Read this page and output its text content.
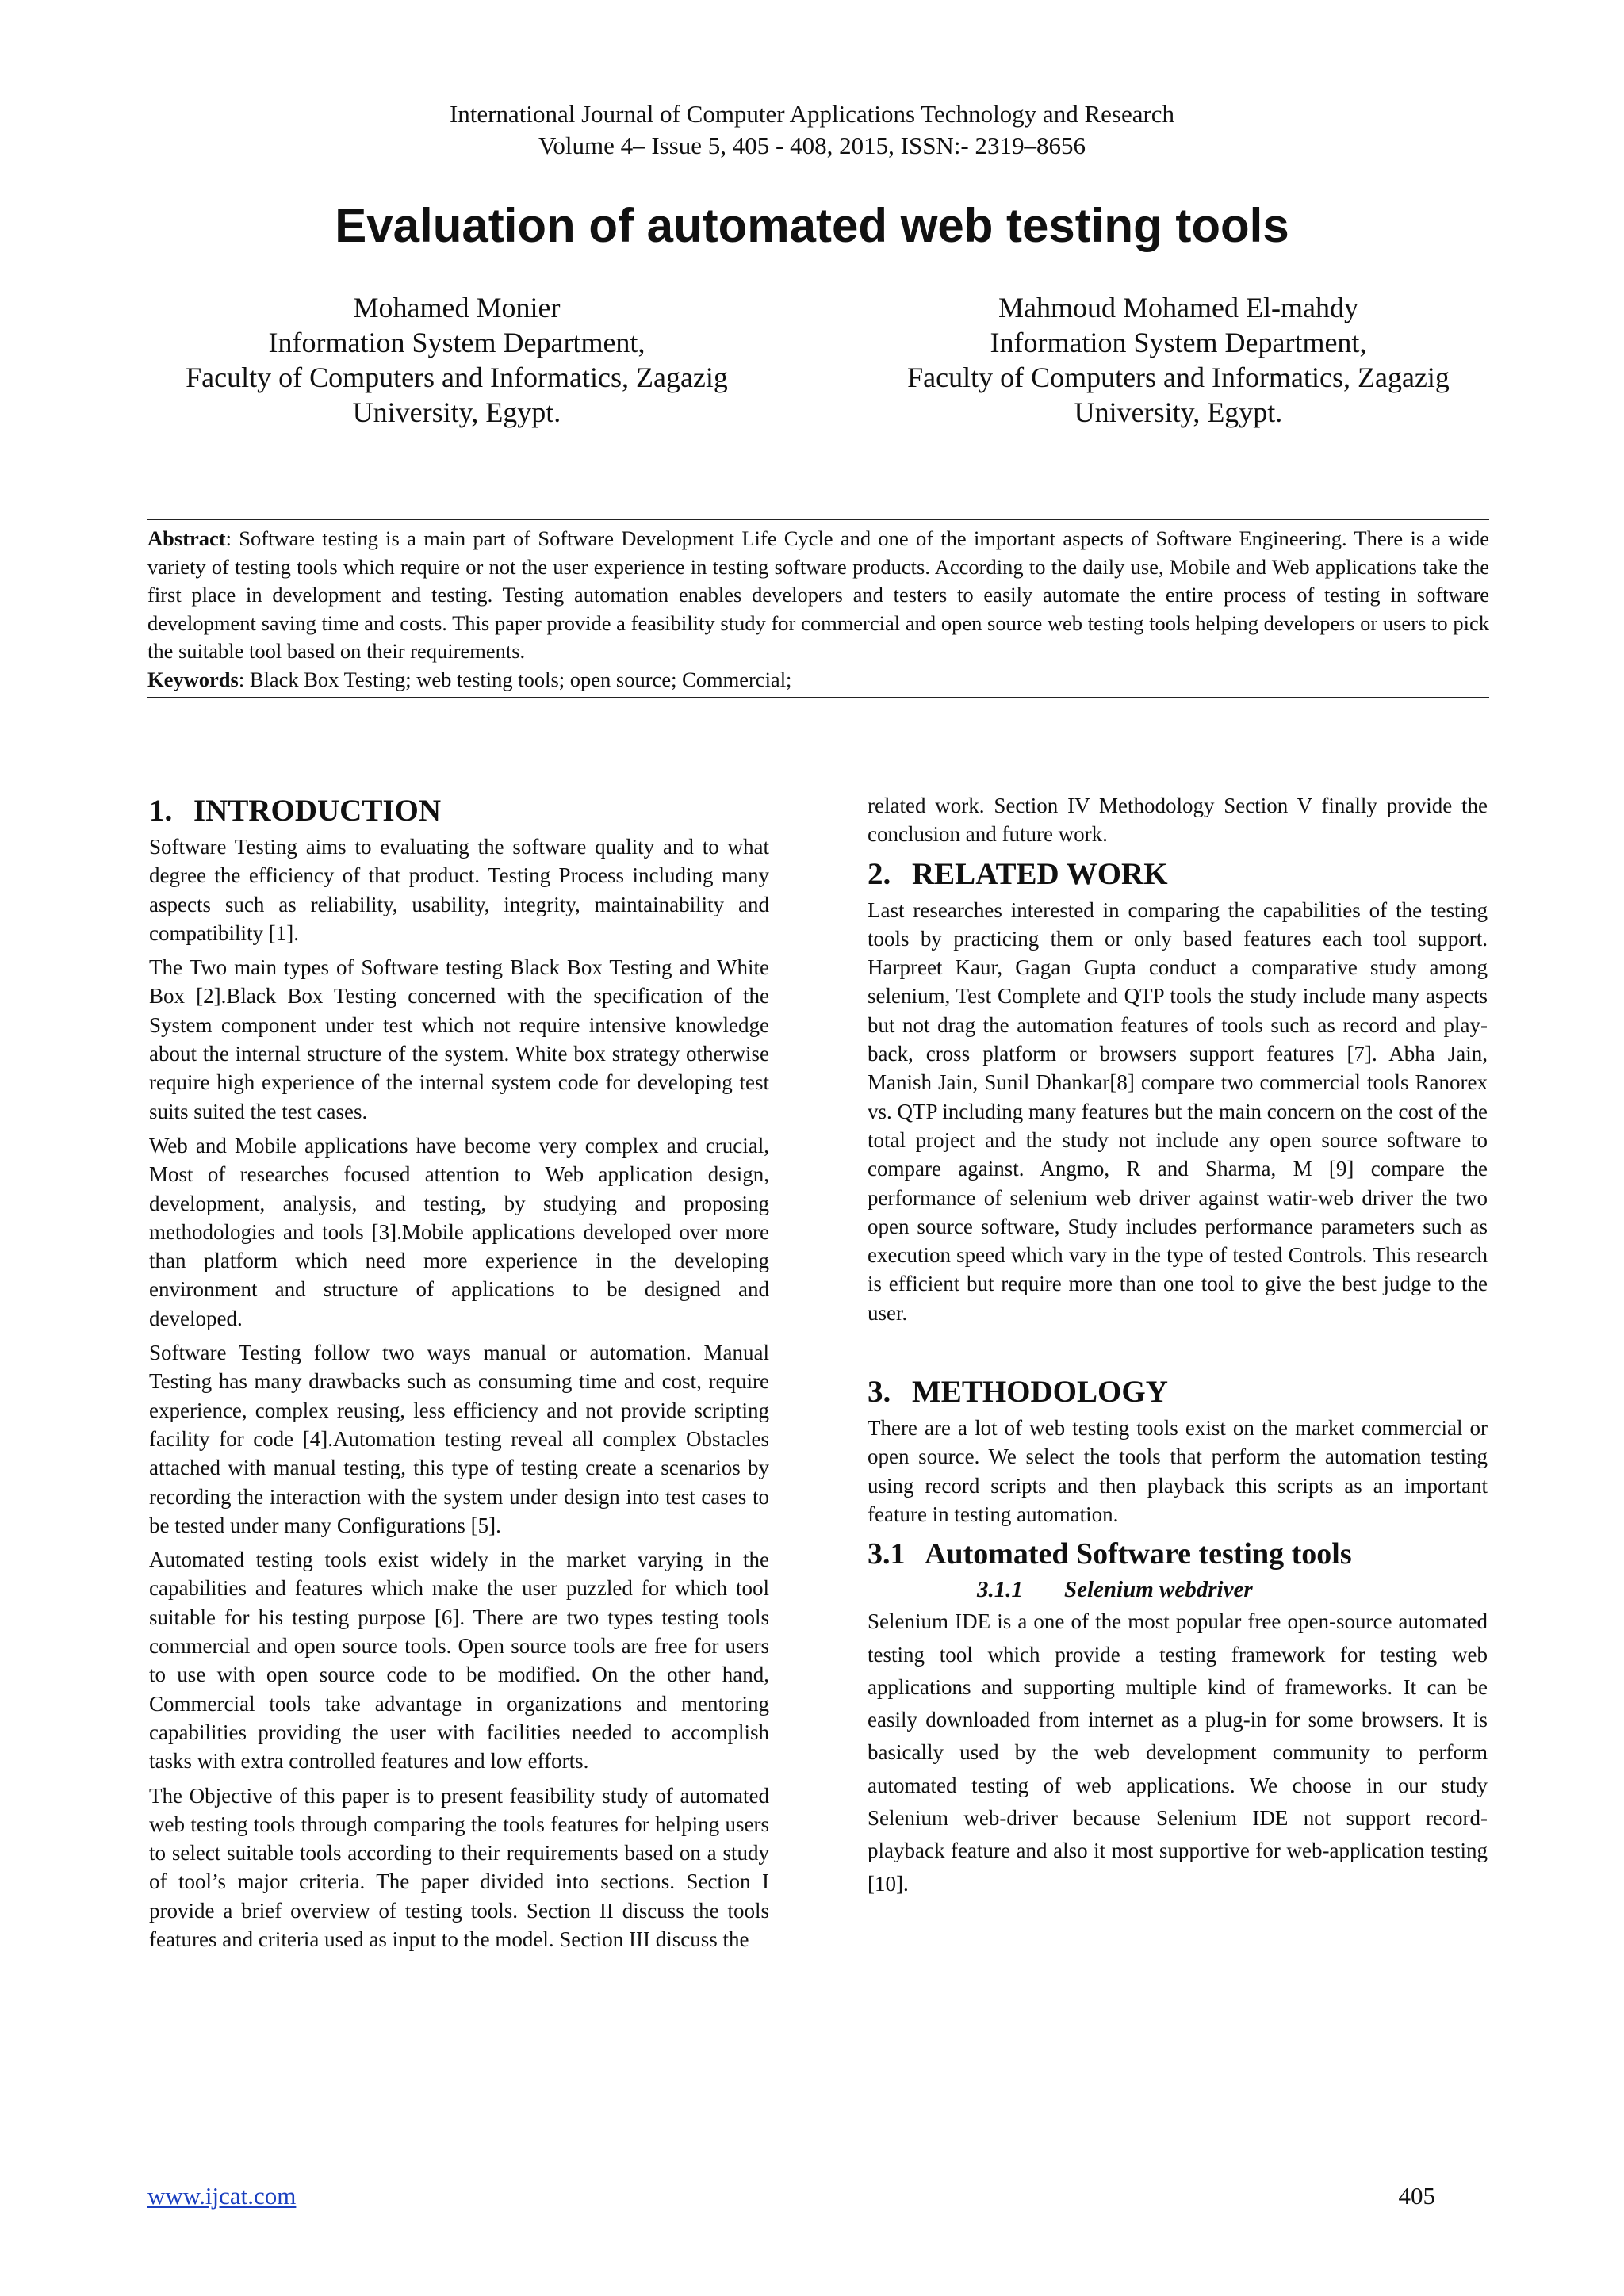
International Journal of Computer Applications Technology and Research
Volume 4– Issue 5, 405 - 408, 2015, ISSN:- 2319–8656
Evaluation of automated web testing tools
Mohamed Monier
Information System Department,
Faculty of Computers and Informatics, Zagazig
University, Egypt.
Mahmoud Mohamed El-mahdy
Information System Department,
Faculty of Computers and Informatics, Zagazig
University, Egypt.

Abstract: Software testing is a main part of Software Development Life Cycle and one of the important aspects of Software Engineering. There is a wide variety of testing tools which require or not the user experience in testing software products. According to the daily use, Mobile and Web applications take the first place in development and testing. Testing automation enables developers and testers to easily automate the entire process of testing in software development saving time and costs. This paper provide a feasibility study for commercial and open source web testing tools helping developers or users to pick the suitable tool based on their requirements.

Keywords: Black Box Testing; web testing tools; open source; Commercial;

1. INTRODUCTION

Software Testing aims to evaluating the software quality and to what degree the efficiency of that product. Testing Process including many aspects such as reliability, usability, integrity, maintainability and compatibility [1].

The Two main types of Software testing Black Box Testing and White Box [2].Black Box Testing concerned with the specification of the System component under test which not require intensive knowledge about the internal structure of the system. White box strategy otherwise require high experience of the internal system code for developing test suits suited the test cases.

Web and Mobile applications have become very complex and crucial, Most of researches focused attention to Web application design, development, analysis, and testing, by studying and proposing methodologies and tools [3].Mobile applications developed over more than platform which need more experience in the developing environment and structure of applications to be designed and developed.

Software Testing follow two ways manual or automation. Manual Testing has many drawbacks such as consuming time and cost, require experience, complex reusing, less efficiency and not provide scripting facility for code [4].Automation testing reveal all complex Obstacles attached with manual testing, this type of testing create a scenarios by recording the interaction with the system under design into test cases to be tested under many Configurations [5].

Automated testing tools exist widely in the market varying in the capabilities and features which make the user puzzled for which tool suitable for his testing purpose [6]. There are two types testing tools commercial and open source tools. Open source tools are free for users to use with open source code to be modified. On the other hand, Commercial tools take advantage in organizations and mentoring capabilities providing the user with facilities needed to accomplish tasks with extra controlled features and low efforts.

The Objective of this paper is to present feasibility study of automated web testing tools through comparing the tools features for helping users to select suitable tools according to their requirements based on a study of tool’s major criteria. The paper divided into sections. Section I provide a brief overview of testing tools. Section II discuss the tools features and criteria used as input to the model. Section III discuss the

related work. Section IV Methodology Section V finally provide the conclusion and future work.

2. RELATED WORK

Last researches interested in comparing the capabilities of the testing tools by practicing them or only based features each tool support. Harpreet Kaur, Gagan Gupta conduct a comparative study among selenium, Test Complete and QTP tools the study include many aspects but not drag the automation features of tools such as record and play-back, cross platform or browsers support features [7]. Abha Jain, Manish Jain, Sunil Dhankar[8] compare two commercial tools Ranorex vs. QTP including many features but the main concern on the cost of the total project and the study not include any open source software to compare against. Angmo, R and Sharma, M [9] compare the performance of selenium web driver against watir-web driver the two open source software, Study includes performance parameters such as execution speed which vary in the type of tested Controls. This research is efficient but require more than one tool to give the best judge to the user.

3. METHODOLOGY

There are a lot of web testing tools exist on the market commercial or open source. We select the tools that perform the automation testing using record scripts and then playback this scripts as an important feature in testing automation.

3.1 Automated Software testing tools
3.1.1 Selenium webdriver

Selenium IDE is a one of the most popular free open-source automated testing tool which provide a testing framework for testing web applications and supporting multiple kind of frameworks. It can be easily downloaded from internet as a plug-in for some browsers. It is basically used by the web development community to perform automated testing of web applications. We choose in our study Selenium web-driver because Selenium IDE not support record-playback feature and also it most supportive for web-application testing [10].

www.ijcat.com	405
